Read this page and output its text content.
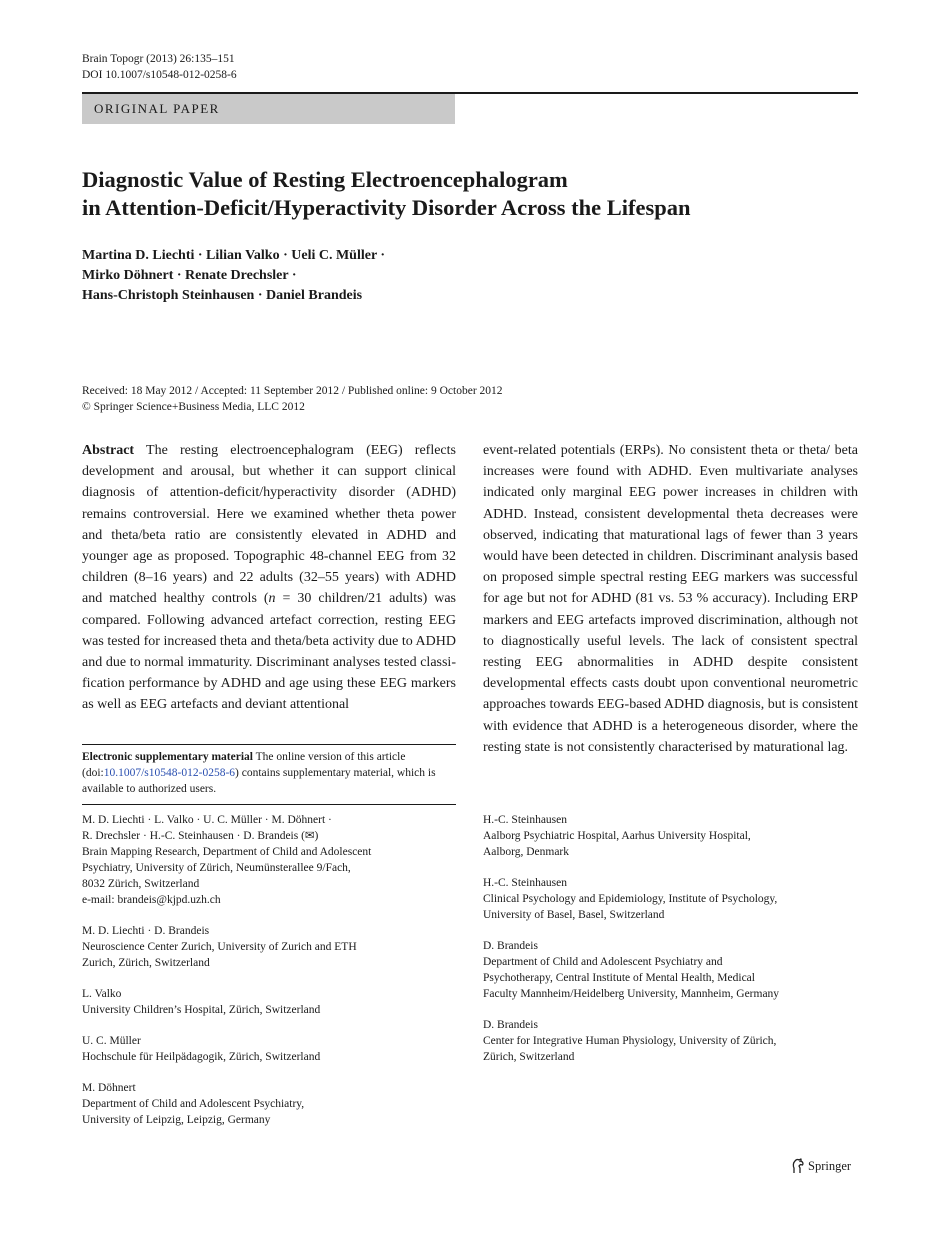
Brain Topogr (2013) 26:135–151
DOI 10.1007/s10548-012-0258-6
ORIGINAL PAPER
Diagnostic Value of Resting Electroencephalogram
in Attention-Deficit/Hyperactivity Disorder Across the Lifespan
Martina D. Liechti · Lilian Valko · Ueli C. Müller ·
Mirko Döhnert · Renate Drechsler ·
Hans-Christoph Steinhausen · Daniel Brandeis
Received: 18 May 2012 / Accepted: 11 September 2012 / Published online: 9 October 2012
© Springer Science+Business Media, LLC 2012
Abstract The resting electroencephalogram (EEG) reflects development and arousal, but whether it can support clinical diagnosis of attention-deficit/hyperactivity disorder (ADHD) remains controversial. Here we examined whether theta power and theta/beta ratio are consistently elevated in ADHD and younger age as proposed. Topographic 48-channel EEG from 32 children (8–16 years) and 22 adults (32–55 years) with ADHD and matched healthy controls (n = 30 children/21 adults) was compared. Following advanced artefact correction, resting EEG was tested for increased theta and theta/beta activity due to ADHD and due to normal immaturity. Discriminant analyses tested classification performance by ADHD and age using these EEG markers as well as EEG artefacts and deviant attentional
event-related potentials (ERPs). No consistent theta or theta/ beta increases were found with ADHD. Even multivariate analyses indicated only marginal EEG power increases in children with ADHD. Instead, consistent developmental theta decreases were observed, indicating that maturational lags of fewer than 3 years would have been detected in children. Discriminant analysis based on proposed simple spectral resting EEG markers was successful for age but not for ADHD (81 vs. 53 % accuracy). Including ERP markers and EEG artefacts improved discrimination, although not to diagnostically useful levels. The lack of consistent spectral resting EEG abnormalities in ADHD despite consistent developmental effects casts doubt upon conventional neurometric approaches towards EEG-based ADHD diagnosis, but is consistent with evidence that ADHD is a heterogeneous disorder, where the resting state is not consistently characterised by maturational lag.
Electronic supplementary material The online version of this article (doi:10.1007/s10548-012-0258-6) contains supplementary material, which is available to authorized users.
M. D. Liechti · L. Valko · U. C. Müller · M. Döhnert ·
R. Drechsler · H.-C. Steinhausen · D. Brandeis (✉)
Brain Mapping Research, Department of Child and Adolescent
Psychiatry, University of Zürich, Neumünsterallee 9/Fach,
8032 Zürich, Switzerland
e-mail: brandeis@kjpd.uzh.ch
M. D. Liechti · D. Brandeis
Neuroscience Center Zurich, University of Zurich and ETH
Zurich, Zürich, Switzerland
L. Valko
University Children’s Hospital, Zürich, Switzerland
U. C. Müller
Hochschule für Heilpädagogik, Zürich, Switzerland
M. Döhnert
Department of Child and Adolescent Psychiatry,
University of Leipzig, Leipzig, Germany
H.-C. Steinhausen
Aalborg Psychiatric Hospital, Aarhus University Hospital,
Aalborg, Denmark
H.-C. Steinhausen
Clinical Psychology and Epidemiology, Institute of Psychology,
University of Basel, Basel, Switzerland
D. Brandeis
Department of Child and Adolescent Psychiatry and
Psychotherapy, Central Institute of Mental Health, Medical
Faculty Mannheim/Heidelberg University, Mannheim, Germany
D. Brandeis
Center for Integrative Human Physiology, University of Zürich,
Zürich, Switzerland
Springer
